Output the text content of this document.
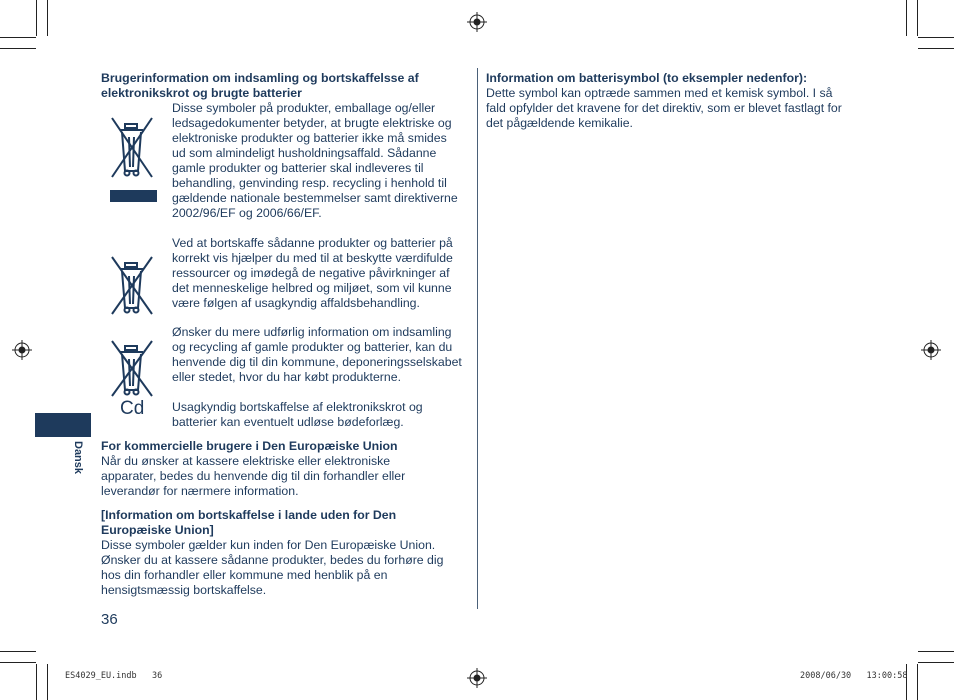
Dansk
Brugerinformation om indsamling og bortskaffelsse af elektronikskrot og brugte batterier
Disse symboler på produkter, emballage og/eller ledsagedokumenter betyder, at brugte elektriske og elektroniske produkter og batterier ikke må smides ud som almindeligt husholdningsaffald. Sådanne gamle produkter og batterier skal indleveres til behandling, genvinding resp. recycling i henhold til gældende nationale bestemmelser samt direktiverne 2002/96/EF og 2006/66/EF.
Ved at bortskaffe sådanne produkter og batterier på korrekt vis hjælper du med til at beskytte værdifulde ressourcer og imødegå de negative påvirkninger af det menneskelige helbred og miljøet, som vil kunne være følgen af usagkyndig affaldsbehandling.
Cd
Ønsker du mere udførlig information om indsamling og recycling af gamle produkter og batterier, kan du henvende dig til din kommune, deponeringsselskabet eller stedet, hvor du har købt produkterne.
Usagkyndig bortskaffelse af elektronikskrot og batterier kan eventuelt udløse bødeforlæg.
For kommercielle brugere i Den Europæiske Union
Når du ønsker at kassere elektriske eller elektroniske apparater, bedes du henvende dig til din forhandler eller leverandør for nærmere information.
[Information om bortskaffelse i lande uden for Den Europæiske Union]
Disse symboler gælder kun inden for Den Europæiske Union. Ønsker du at kassere sådanne produkter, bedes du forhøre dig hos din forhandler eller kommune med henblik på en hensigtsmæssig bortskaffelse.
36
Information om batterisymbol (to eksempler nedenfor):
Dette symbol kan optræde sammen med et kemisk symbol. I så fald opfylder det kravene for det direktiv, som er blevet fastlagt for det pågældende kemikalie.
ES4029_EU.indb   36	2008/06/30   13:00:58
